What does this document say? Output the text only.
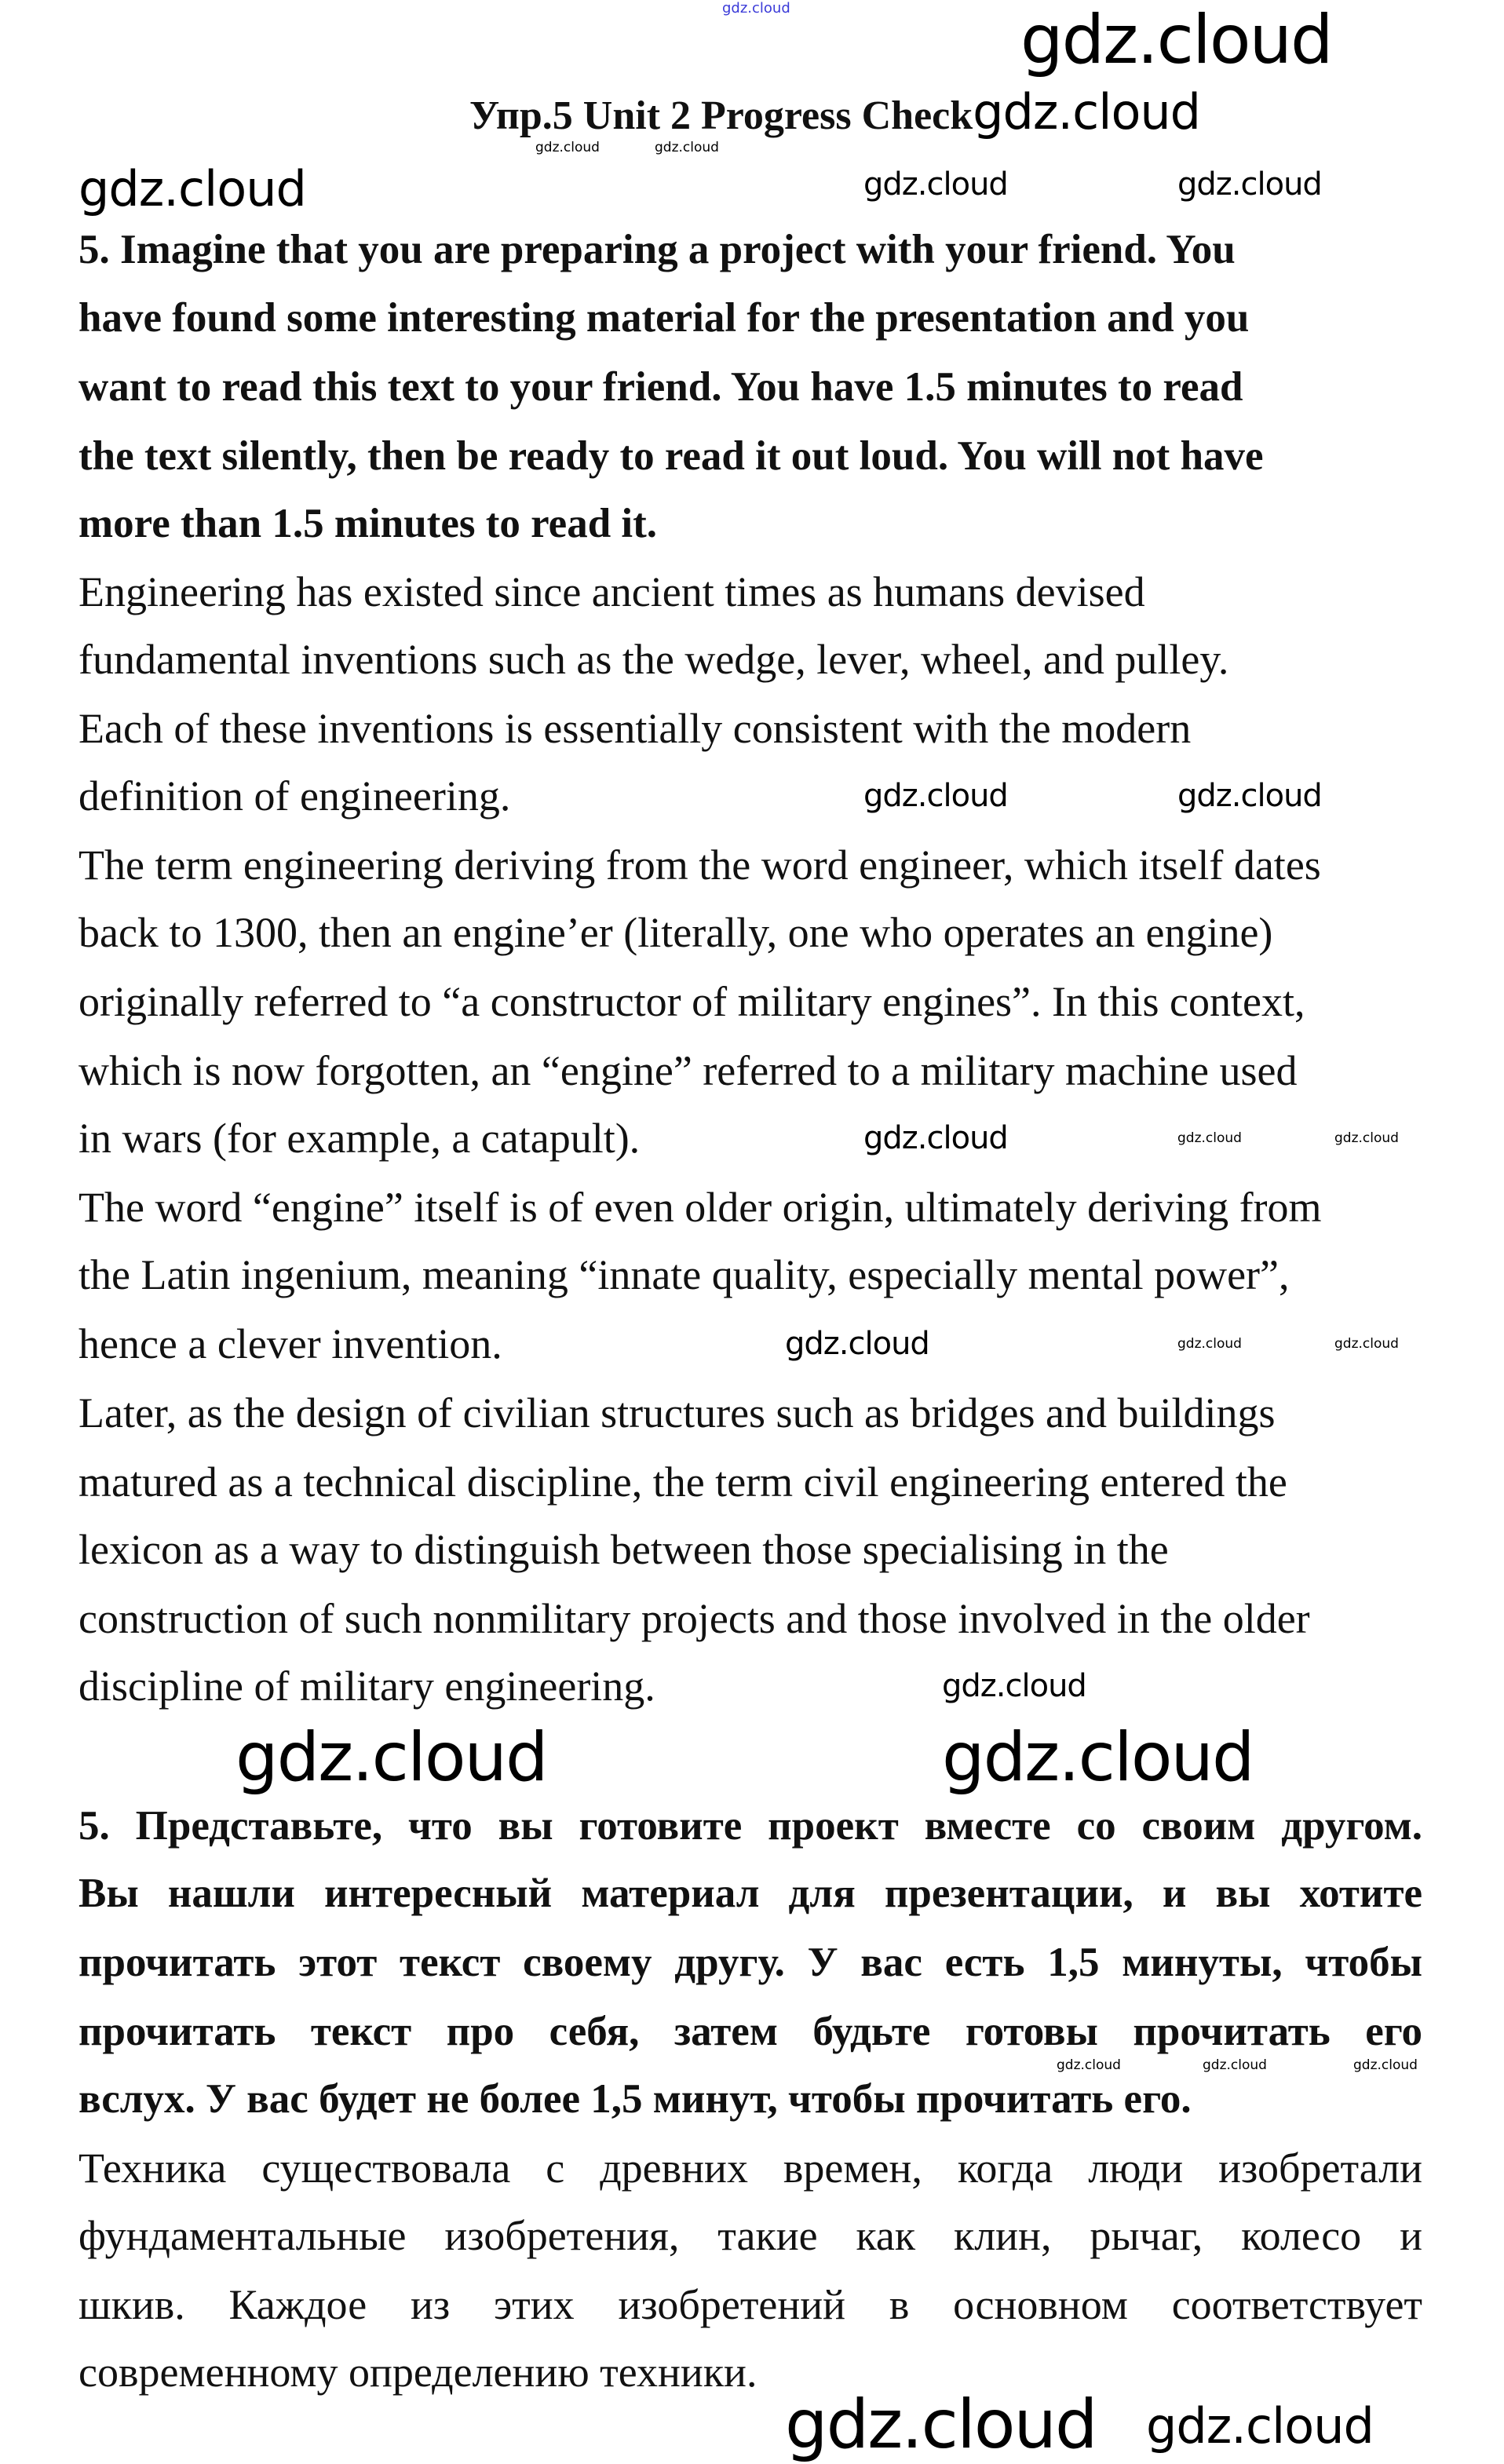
Упр.5 Unit 2 Progress Checkgdz.cloud
5. Imagine that you are preparing a project with your friend. You
have found some interesting material for the presentation and you
want to read this text to your friend. You have 1.5 minutes to read
the text silently, then be ready to read it out loud. You will not have
more than 1.5 minutes to read it.
Engineering has existed since ancient times as humans devised
fundamental inventions such as the wedge, lever, wheel, and pulley.
Each of these inventions is essentially consistent with the modern
definition of engineering.
The term engineering deriving from the word engineer, which itself dates
back to 1300, then an engine’er (literally, one who operates an engine)
originally referred to “a constructor of military engines”. In this context,
which is now forgotten, an “engine” referred to a military machine used
in wars (for example, a catapult).
The word “engine” itself is of even older origin, ultimately deriving from
the Latin ingenium, meaning “innate quality, especially mental power”,
hence a clever invention.
Later, as the design of civilian structures such as bridges and buildings
matured as a technical discipline, the term civil engineering entered the
lexicon as a way to distinguish between those specialising in the
construction of such nonmilitary projects and those involved in the older
discipline of military engineering.
5. Представьте, что вы готовите проект вместе со своим другом.
Вы нашли интересный материал для презентации, и вы хотите
прочитать этот текст своему другу. У вас есть 1,5 минуты, чтобы
прочитать текст про себя, затем будьте готовы прочитать его
вслух. У вас будет не более 1,5 минут, чтобы прочитать его.
Техника существовала с древних времен, когда люди изобретали
фундаментальные изобретения, такие как клин, рычаг, колесо и
шкив. Каждое из этих изобретений в основном соответствует
современному определению техники.
gdz.cloud	gdz.cloud
gdz.cloud	gdz.cloud
gdz.cloud	gdz.cloud	gdz.cloud
gdz.cloud	gdz.cloud
gdz.cloud	gdz.cloud	gdz.cloud
gdz.cloud	gdz.cloud	gdz.cloud
gdz.cloud
gdz.cloud	gdz.cloud
gdz.cloud	gdz.cloud	gdz.cloud
gdz.cloud gdz.cloud
